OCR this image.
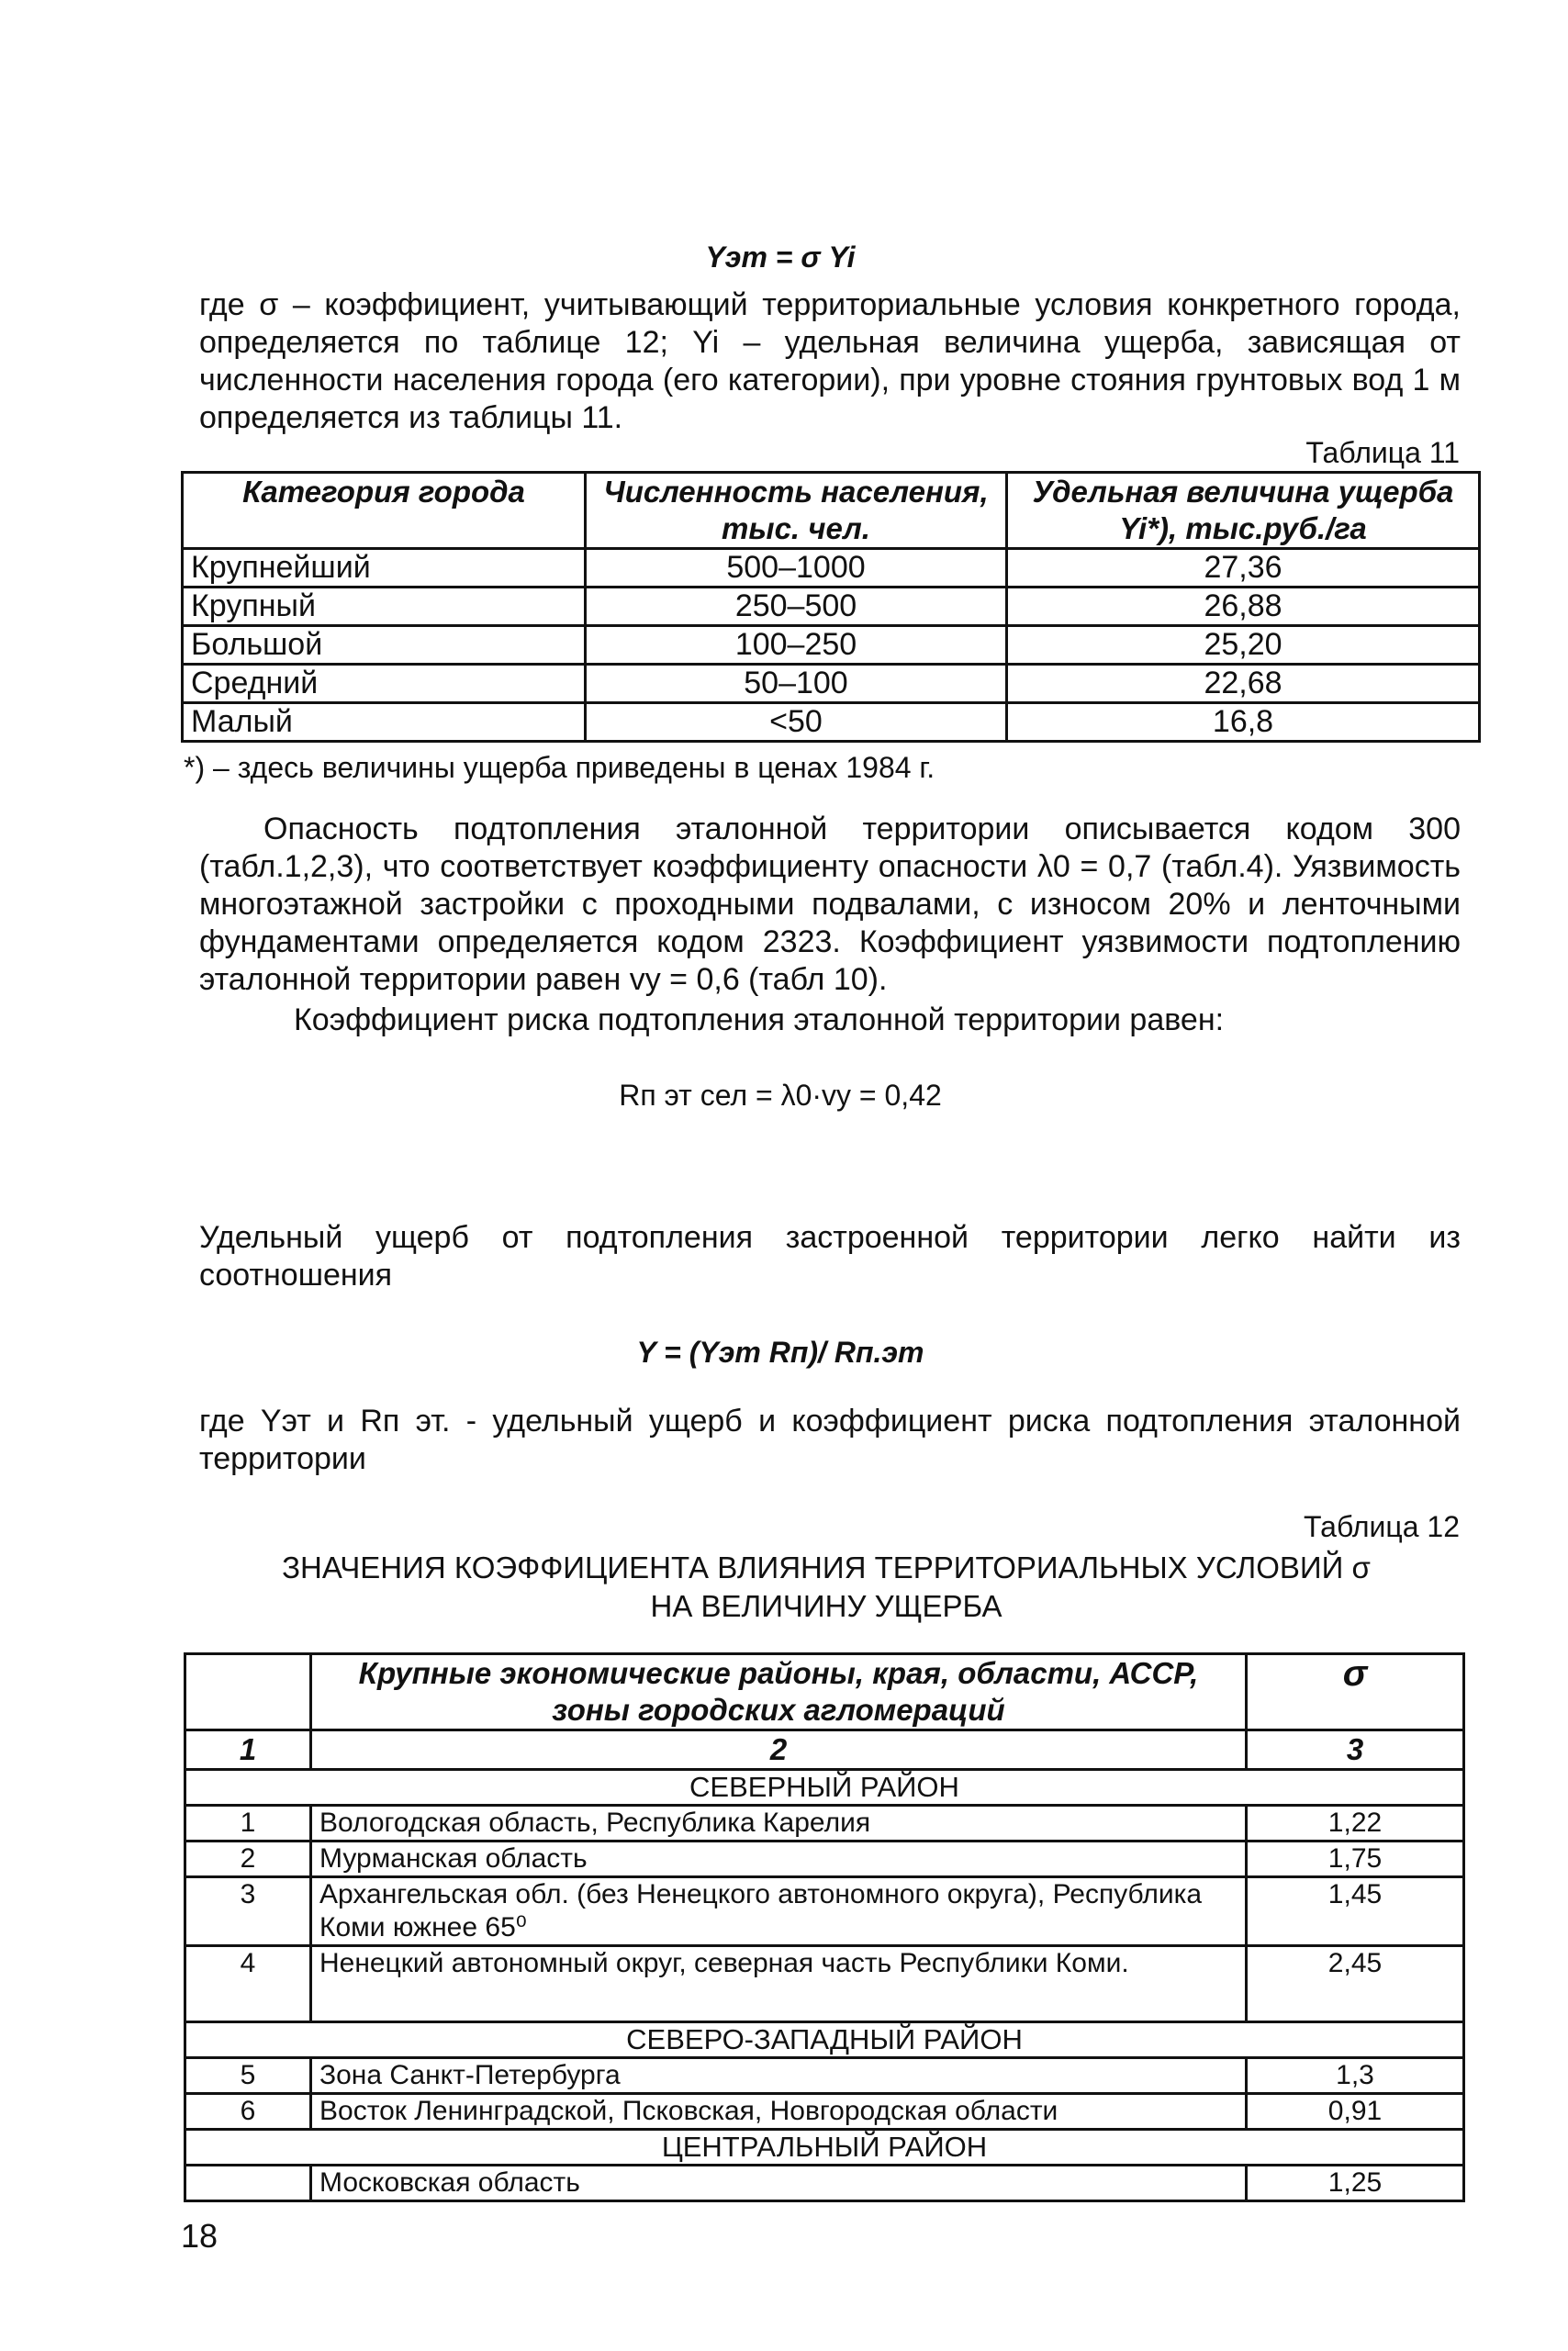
Yэт = σ Yi
где σ – коэффициент, учитывающий территориальные условия конкретного города, определяется по таблице 12; Yi – удельная величина ущерба, зависящая от численности населения города (его категории), при уровне стояния грунтовых вод 1 м определяется из таблицы 11.
Таблица 11
Категория города	Численность населения, тыс. чел.	Удельная величина ущерба Yi*), тыс.руб./га
Крупнейший	500–1000	27,36
Крупный	250–500	26,88
Большой	100–250	25,20
Средний	50–100	22,68
Малый	<50	16,8
*) – здесь величины ущерба приведены в ценах 1984 г.
Опасность подтопления эталонной территории описывается кодом 300 (табл.1,2,3), что соответствует коэффициенту опасности λ0 = 0,7 (табл.4). Уязвимость многоэтажной застройки с проходными подвалами, с износом 20% и ленточными фундаментами определяется кодом 2323. Коэффициент уязвимости подтоплению эталонной территории равен vy = 0,6 (табл 10).
Коэффициент риска подтопления эталонной территории равен:
Rп эт сел = λ0·vy = 0,42
Удельный ущерб от подтопления застроенной территории легко найти из соотношения
Y = (Yэт Rп)/ Rп.эт
где Yэт и Rп эт. - удельный ущерб и коэффициент риска подтопления эталонной территории
Таблица 12
ЗНАЧЕНИЯ КОЭФФИЦИЕНТА ВЛИЯНИЯ ТЕРРИТОРИАЛЬНЫХ УСЛОВИЙ σ
НА ВЕЛИЧИНУ УЩЕРБА
	Крупные экономические районы, края, области, АССР, зоны городских агломераций	σ
1	2	3
СЕВЕРНЫЙ РАЙОН		
1	Вологодская область, Республика Карелия	1,22
2	Мурманская область	1,75
3	Архангельская обл. (без Ненецкого автономного округа), Республика Коми южнее 65⁰	1,45
4	Ненецкий автономный округ, северная часть Республики Коми.	2,45
СЕВЕРО-ЗАПАДНЫЙ РАЙОН		
5	Зона Санкт-Петербурга	1,3
6	Восток Ленинградской, Псковская, Новгородская области	0,91
ЦЕНТРАЛЬНЫЙ РАЙОН		
	Московская область	1,25
18
